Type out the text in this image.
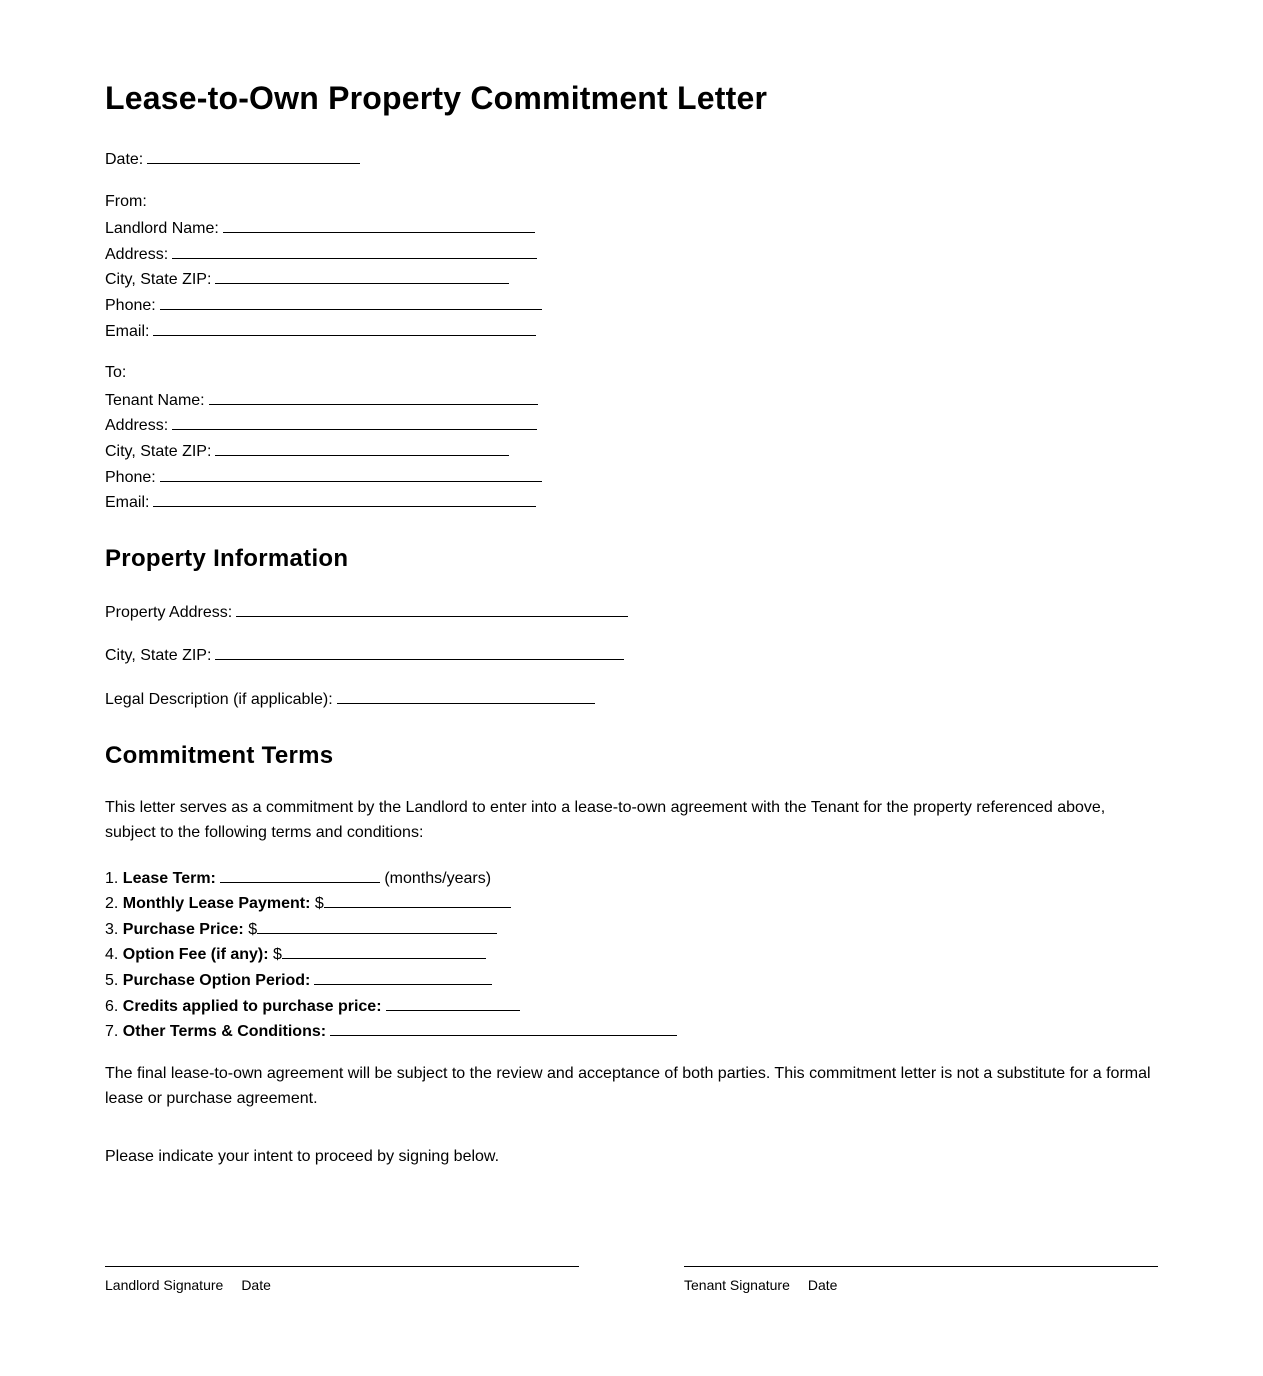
Lease-to-Own Property Commitment Letter
Date:
From:
Landlord Name:
Address:
City, State ZIP:
Phone:
Email:
To:
Tenant Name:
Address:
City, State ZIP:
Phone:
Email:
Property Information
Property Address:
City, State ZIP:
Legal Description (if applicable):
Commitment Terms

This letter serves as a commitment by the Landlord to enter into a lease-to-own agreement with the Tenant for the property referenced above, subject to the following terms and conditions:

1. Lease Term:	(months/years)
2. Monthly Lease Payment: $
3. Purchase Price: $
4. Option Fee (if any): $
5. Purchase Option Period:
6. Credits applied to purchase price:
7. Other Terms & Conditions:

The final lease-to-own agreement will be subject to the review and acceptance of both parties. This commitment letter is not a substitute for a formal lease or purchase agreement.

Please indicate your intent to proceed by signing below.

Landlord Signature Date	Tenant Signature Date
